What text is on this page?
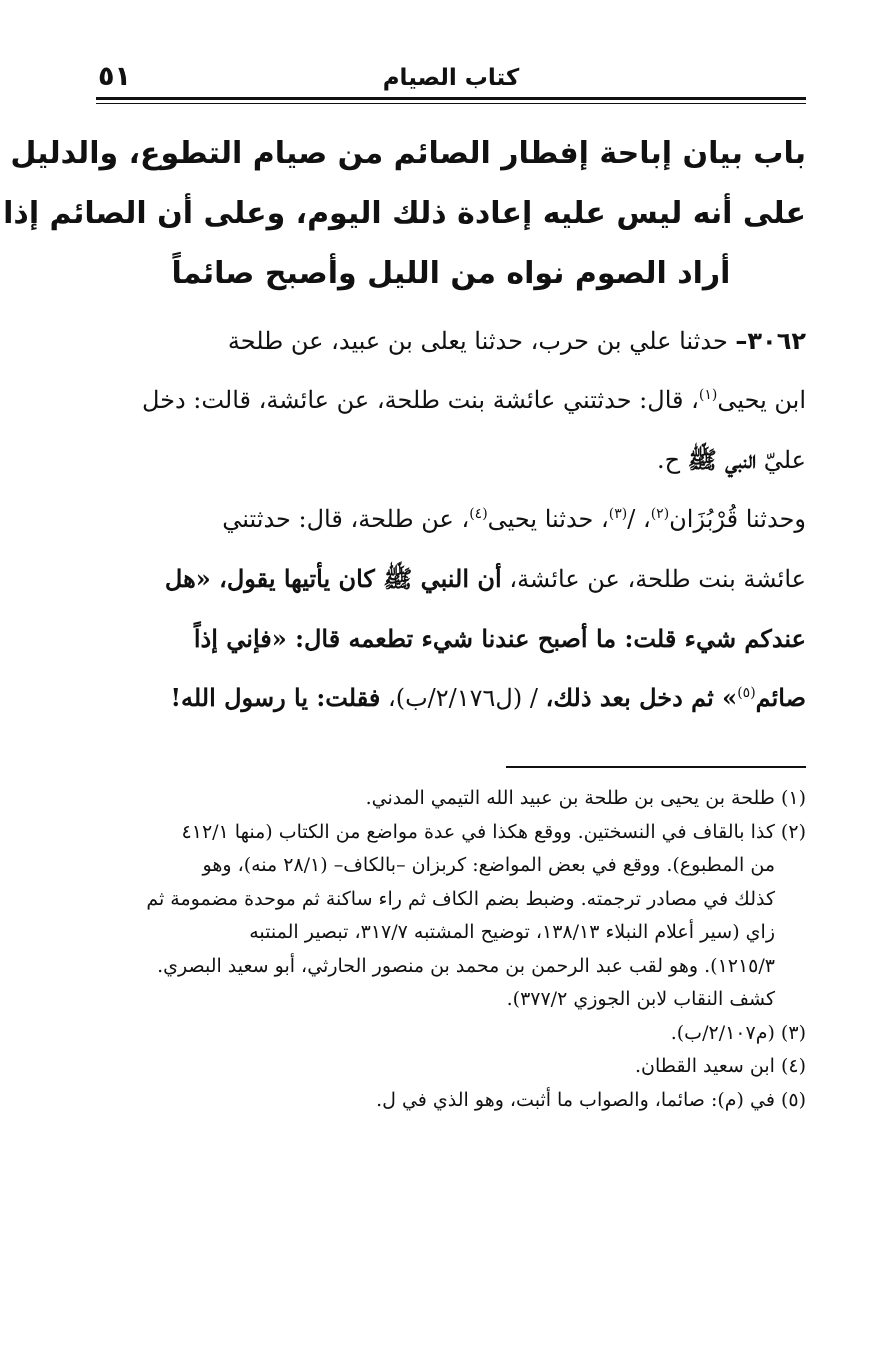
كتاب الصيام
٥١
باب بيان إباحة إفطار الصائم من صيام التطوع، والدليل
على أنه ليس عليه إعادة ذلك اليوم، وعلى أن الصائم إذا
أراد الصوم نواه من الليل وأصبح صائماً

٣٠٦٢– حدثنا علي بن حرب، حدثنا يعلى بن عبيد، عن طلحة
ابن يحيى$^{(١)}$، قال: حدثتني عائشة بنت طلحة، عن عائشة، قالت: دخل
عليّ النبي ﷺ ح.

وحدثنا قُرْبُزَان$^{(٢)}$، /$^{(٣)}$، حدثنا يحيى$^{(٤)}$، عن طلحة، قال: حدثتني
عائشة بنت طلحة، عن عائشة، أن النبي ﷺ كان يأتيها يقول، «هل
عندكم شيء قلت: ما أصبح عندنا شيء تطعمه قال: «فإني إذاً
صائم$^{(٥)}$» ثم دخل بعد ذلك، / (ل٢/١٧٦/ب)، فقلت: يا رسول الله!

(١) طلحة بن يحيى بن طلحة بن عبيد الله التيمي المدني.
(٢) كذا بالقاف في النسختين. ووقع هكذا في عدة مواضع من الكتاب (منها ٤١٢/١
من المطبوع). ووقع في بعض المواضع: كربزان –بالكاف– (٢٨/١ منه)، وهو
كذلك في مصادر ترجمته. وضبط بضم الكاف ثم راء ساكنة ثم موحدة مضمومة ثم
زاي (سير أعلام النبلاء ١٣٨/١٣، توضيح المشتبه ٣١٧/٧، تبصير المنتبه
١٢١٥/٣). وهو لقب عبد الرحمن بن محمد بن منصور الحارثي، أبو سعيد البصري.
كشف النقاب لابن الجوزي ٣٧٧/٢).
(٣) (م٢/١٠٧/ب).
(٤) ابن سعيد القطان.
(٥) في (م): صائما، والصواب ما أثبت، وهو الذي في ل.
